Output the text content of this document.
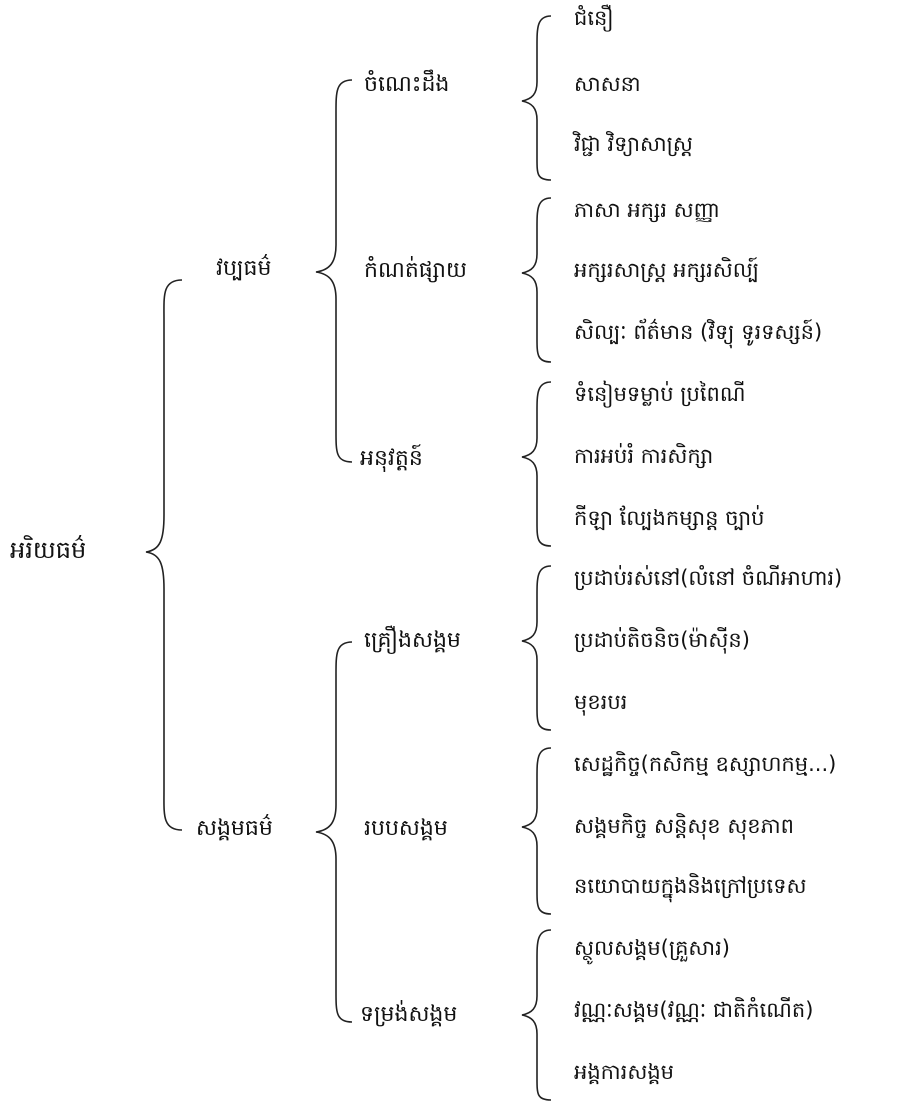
អរិយធម៌
វប្បធម៌
សង្គមធម៌
ចំណេះដឹង
កំណត់ផ្សាយ
អនុវត្តន៍
គ្រឿងសង្គម
របបសង្គម
ទម្រង់សង្គម
ជំនឿ
សាសនា
វិជ្ជា វិទ្យាសាស្ត្រ
ភាសា អក្សរ សញ្ញា
អក្សរសាស្ត្រ អក្សរសិល្ប៍
សិល្បៈ ព័ត៌មាន (វិទ្យុ ទូរទស្សន៍)
ទំនៀមទម្លាប់ ប្រពៃណី
ការអប់រំ ការសិក្សា
កីឡា ល្បែងកម្សាន្ត ច្បាប់
ប្រដាប់រស់នៅ(លំនៅ ចំណីអាហារ)
ប្រដាប់តិចនិច(ម៉ាស៊ីន)
មុខរបរ
សេដ្ឋកិច្ច(កសិកម្ម ឧស្សាហកម្ម...)
សង្គមកិច្ច សន្តិសុខ សុខភាព
នយោបាយក្នុងនិងក្រៅប្រទេស
ស្ថូលសង្គម(គ្រួសារ)
វណ្ណៈសង្គម(វណ្ណៈ ជាតិកំណើត)
អង្គការសង្គម
